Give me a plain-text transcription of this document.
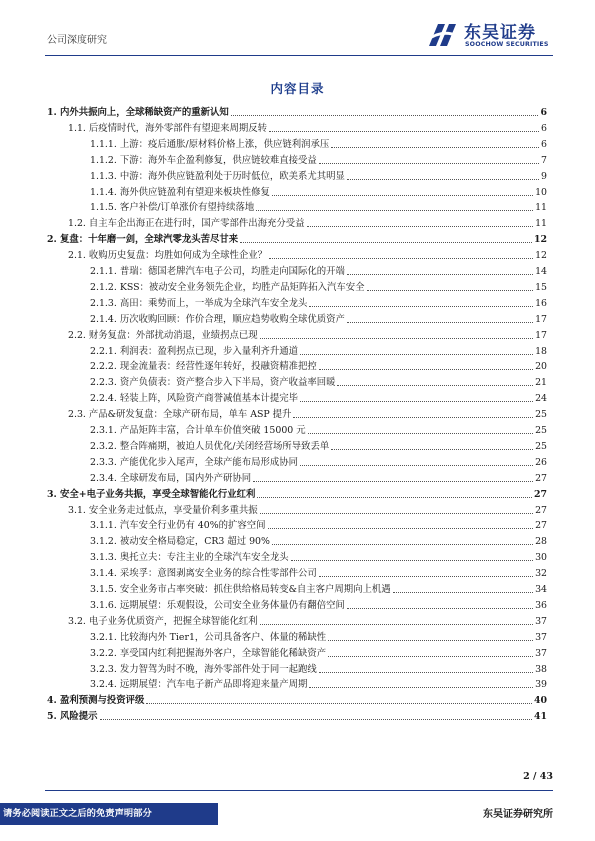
公司深度研究	东吴证券
SOOCHOW SECURITIES
内容目录
1. 内外共振向上，全球稀缺资产的重新认知	6
1.1. 后疫情时代，海外零部件有望迎来周期反转	6
1.1.1. 上游：疫后通胀/原材料价格上涨，供应链利润承压	6
1.1.2. 下游：海外车企盈利修复，供应链较难直接受益	7
1.1.3. 中游：海外供应链盈利处于历时低位，欧美系尤其明显	9
1.1.4. 海外供应链盈利有望迎来板块性修复	10
1.1.5. 客户补偿/订单涨价有望持续落地	11
1.2. 自主车企出海正在进行时，国产零部件出海充分受益	11
2. 复盘：十年磨一剑，全球汽零龙头苦尽甘来	12
2.1. 收购历史复盘：均胜如何成为全球性企业？	12
2.1.1. 普瑞：德国老牌汽车电子公司，均胜走向国际化的开端	14
2.1.2. KSS：被动安全业务领先企业，均胜产品矩阵拓入汽车安全	15
2.1.3. 高田：乘势而上，一举成为全球汽车安全龙头	16
2.1.4. 历次收购回顾：作价合理，顺应趋势收购全球优质资产	17
2.2. 财务复盘：外部扰动消退，业绩拐点已现	17
2.2.1. 利润表：盈利拐点已现，步入量利齐升通道	18
2.2.2. 现金流量表：经营性逐年转好，投融资精准把控	20
2.2.3. 资产负债表：资产整合步入下半局，资产收益率回暖	21
2.2.4. 轻装上阵，风险资产商誉减值基本计提完毕	24
2.3. 产品&研发复盘：全球产研布局，单车 ASP 提升	25
2.3.1. 产品矩阵丰富，合计单车价值突破 15000 元	25
2.3.2. 整合阵痛期，被迫人员优化/关闭经营场所导致丢单	25
2.3.3. 产能优化步入尾声，全球产能布局形成协同	26
2.3.4. 全球研发布局，国内外产研协同	27
3. 安全+电子业务共振，享受全球智能化行业红利	27
3.1. 安全业务走过低点，享受量价利多重共振	27
3.1.1. 汽车安全行业仍有 40%的扩容空间	27
3.1.2. 被动安全格局稳定，CR3 超过 90%	28
3.1.3. 奥托立夫：专注主业的全球汽车安全龙头	30
3.1.4. 采埃孚：意图剥离安全业务的综合性零部件公司	32
3.1.5. 安全业务市占率突破：抓住供给格局转变&自主客户周期向上机遇	34
3.1.6. 远期展望：乐观假设，公司安全业务体量仍有翻倍空间	36
3.2. 电子业务优质资产，把握全球智能化红利	37
3.2.1. 比较海内外 Tier1，公司具备客户、体量的稀缺性	37
3.2.2. 享受国内红利把握海外客户，全球智能化稀缺资产	37
3.2.3. 发力智驾为时不晚，海外零部件处于同一起跑线	38
3.2.4. 远期展望：汽车电子新产品即将迎来量产周期	39
4. 盈利预测与投资评级	40
5. 风险提示	41
2 / 43
请务必阅读正文之后的免责声明部分	东吴证券研究所
